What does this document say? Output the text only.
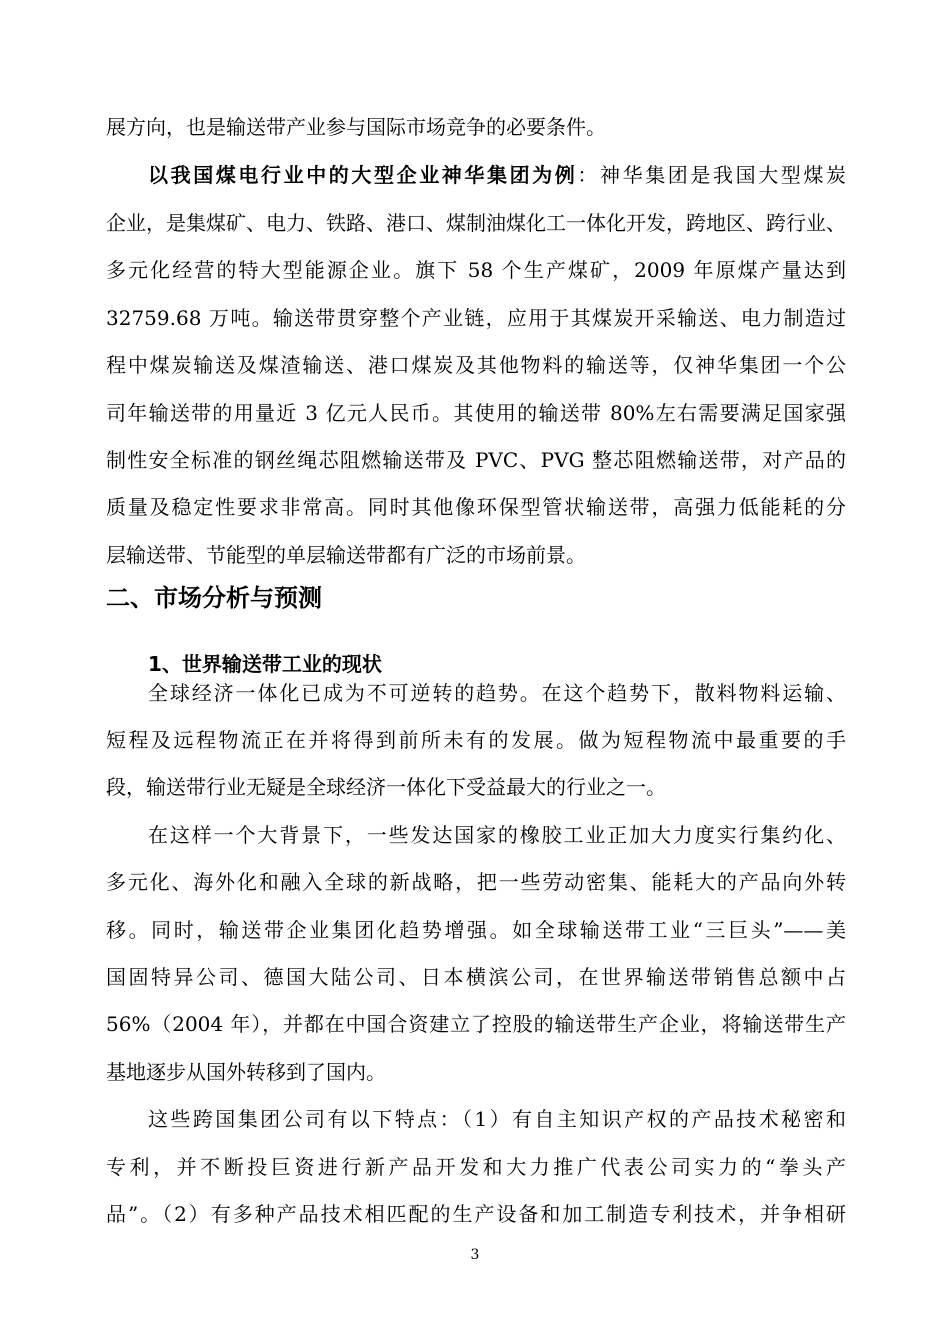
展方向，也是输送带产业参与国际市场竞争的必要条件。
以我国煤电行业中的大型企业神华集团为例：神华集团是我国大型煤炭
企业，是集煤矿、电力、铁路、港口、煤制油煤化工一体化开发，跨地区、跨行业、
多元化经营的特大型能源企业。旗下 58 个生产煤矿，2009 年原煤产量达到
32759.68 万吨。输送带贯穿整个产业链，应用于其煤炭开采输送、电力制造过
程中煤炭输送及煤渣输送、港口煤炭及其他物料的输送等，仅神华集团一个公
司年输送带的用量近 3 亿元人民币。其使用的输送带 80%左右需要满足国家强
制性安全标准的钢丝绳芯阻燃输送带及 PVC、PVG 整芯阻燃输送带，对产品的
质量及稳定性要求非常高。同时其他像环保型管状输送带，高强力低能耗的分
层输送带、节能型的单层输送带都有广泛的市场前景。
二、市场分析与预测
1、世界输送带工业的现状
全球经济一体化已成为不可逆转的趋势。在这个趋势下，散料物料运输、
短程及远程物流正在并将得到前所未有的发展。做为短程物流中最重要的手
段，输送带行业无疑是全球经济一体化下受益最大的行业之一。
在这样一个大背景下，一些发达国家的橡胶工业正加大力度实行集约化、
多元化、海外化和融入全球的新战略，把一些劳动密集、能耗大的产品向外转
移。同时，输送带企业集团化趋势增强。如全球输送带工业“三巨头”——美
国固特异公司、德国大陆公司、日本横滨公司，在世界输送带销售总额中占
56%（2004 年），并都在中国合资建立了控股的输送带生产企业，将输送带生产
基地逐步从国外转移到了国内。
这些跨国集团公司有以下特点：（1）有自主知识产权的产品技术秘密和
专利，并不断投巨资进行新产品开发和大力推广代表公司实力的“拳头产
品”。（2）有多种产品技术相匹配的生产设备和加工制造专利技术，并争相研
3
